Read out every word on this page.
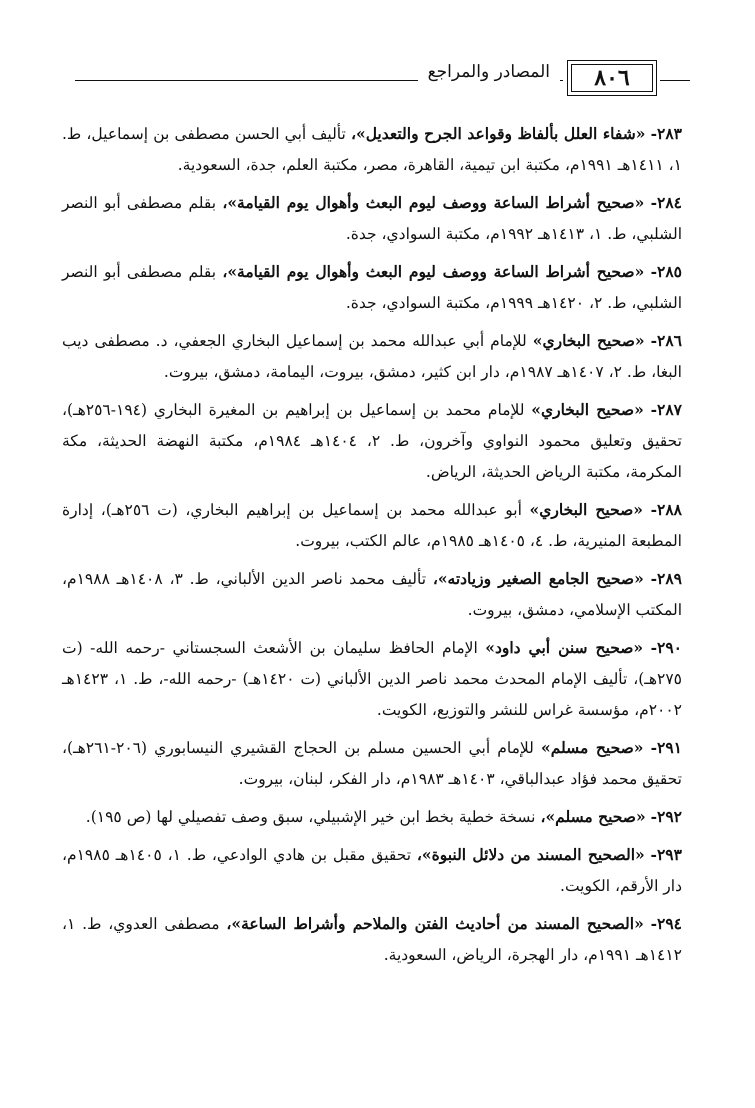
المصادر والمراجع	٨٠٦

٢٨٣- «شفاء العلل بألفاظ وقواعد الجرح والتعديل»، تأليف أبي الحسن مصطفى بن إسماعيل، ط. ١، ١٤١١هـ ١٩٩١م، مكتبة ابن تيمية، القاهرة، مصر، مكتبة العلم، جدة، السعودية.

٢٨٤- «صحيح أشراط الساعة ووصف ليوم البعث وأهوال يوم القيامة»، بقلم مصطفى أبو النصر الشلبي، ط. ١، ١٤١٣هـ ١٩٩٢م، مكتبة السوادي، جدة.

٢٨٥- «صحيح أشراط الساعة ووصف ليوم البعث وأهوال يوم القيامة»، بقلم مصطفى أبو النصر الشلبي، ط. ٢، ١٤٢٠هـ ١٩٩٩م، مكتبة السوادي، جدة.

٢٨٦- «صحيح البخاري» للإمام أبي عبدالله محمد بن إسماعيل البخاري الجعفي، د. مصطفى ديب البغا، ط. ٢، ١٤٠٧هـ ١٩٨٧م، دار ابن كثير، دمشق، بيروت، اليمامة، دمشق، بيروت.

٢٨٧- «صحيح البخاري» للإمام محمد بن إسماعيل بن إبراهيم بن المغيرة البخاري (١٩٤-٢٥٦هـ)، تحقيق وتعليق محمود النواوي وآخرون، ط. ٢، ١٤٠٤هـ ١٩٨٤م، مكتبة النهضة الحديثة، مكة المكرمة، مكتبة الرياض الحديثة، الرياض.

٢٨٨- «صحيح البخاري» أبو عبدالله محمد بن إسماعيل بن إبراهيم البخاري، (ت ٢٥٦هـ)، إدارة المطبعة المنيرية، ط. ٤، ١٤٠٥هـ ١٩٨٥م، عالم الكتب، بيروت.

٢٨٩- «صحيح الجامع الصغير وزيادته»، تأليف محمد ناصر الدين الألباني، ط. ٣، ١٤٠٨هـ ١٩٨٨م، المكتب الإسلامي، دمشق، بيروت.

٢٩٠- «صحيح سنن أبي داود» الإمام الحافظ سليمان بن الأشعث السجستاني -رحمه الله- (ت ٢٧٥هـ)، تأليف الإمام المحدث محمد ناصر الدين الألباني (ت ١٤٢٠هـ) -رحمه الله-، ط. ١، ١٤٢٣هـ ٢٠٠٢م، مؤسسة غراس للنشر والتوزيع، الكويت.

٢٩١- «صحيح مسلم» للإمام أبي الحسين مسلم بن الحجاج القشيري النيسابوري (٢٠٦-٢٦١هـ)، تحقيق محمد فؤاد عبدالباقي، ١٤٠٣هـ ١٩٨٣م، دار الفكر، لبنان، بيروت.

٢٩٢- «صحيح مسلم»، نسخة خطية بخط ابن خير الإشبيلي، سبق وصف تفصيلي لها (ص ١٩٥).

٢٩٣- «الصحيح المسند من دلائل النبوة»، تحقيق مقبل بن هادي الوادعي، ط. ١، ١٤٠٥هـ ١٩٨٥م، دار الأرقم، الكويت.

٢٩٤- «الصحيح المسند من أحاديث الفتن والملاحم وأشراط الساعة»، مصطفى العدوي، ط. ١، ١٤١٢هـ ١٩٩١م، دار الهجرة، الرياض، السعودية.
